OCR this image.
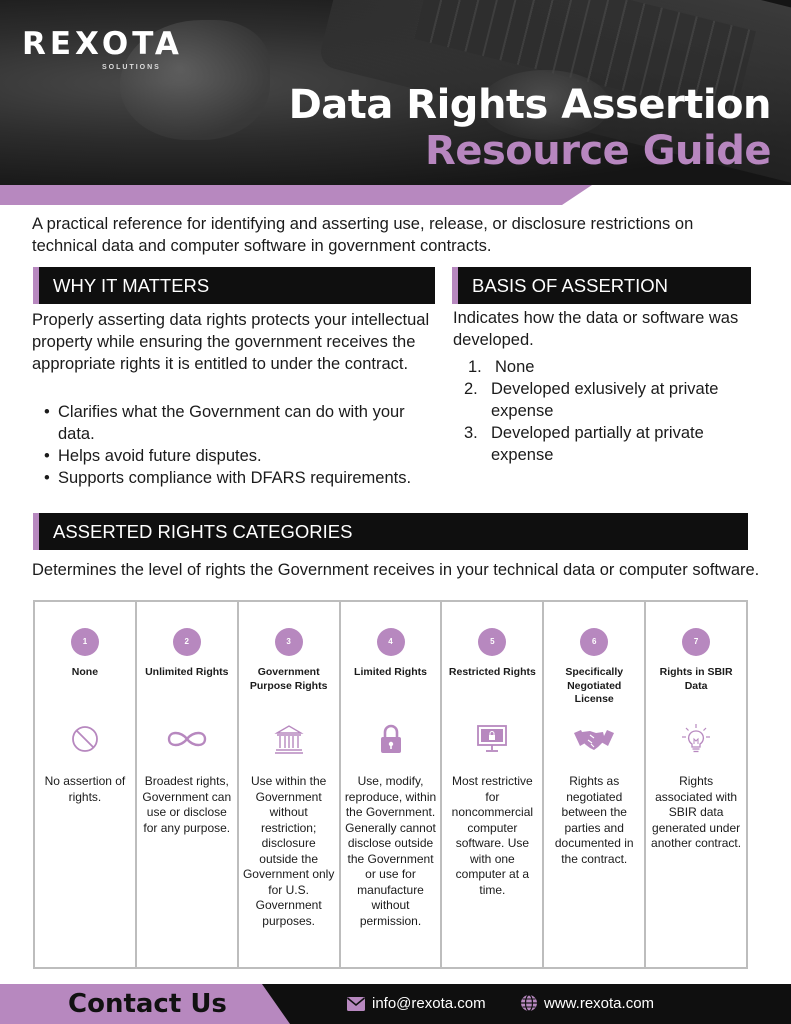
REXOTA
SOLUTIONS
Data Rights Assertion
Resource Guide

A practical reference for identifying and asserting use, release, or disclosure restrictions on technical data and computer software in government contracts.

WHY IT MATTERS

Properly asserting data rights protects your intellectual property while ensuring the government receives the appropriate rights it is entitled to under the contract.

• Clarifies what the Government can do with your data.
• Helps avoid future disputes.
• Supports compliance with DFARS requirements.
BASIS OF ASSERTION

Indicates how the data or software was developed.

1. None
2. Developed exlusively at private expense
3. Developed partially at private expense
ASSERTED RIGHTS CATEGORIES

Determines the level of rights the Government receives in your technical data or computer software.

1
None
No assertion of rights.
2
Unlimited Rights
Broadest rights, Government can use or disclose for any purpose.
3
Government Purpose Rights
Use within the Government without restriction; disclosure outside the Government only for U.S. Government purposes.
4
Limited Rights
Use, modify, reproduce, within the Government. Generally cannot disclose outside the Government or use for manufacture without permission.
5
Restricted Rights
Most restrictive for noncommercial computer software. Use with one computer at a time.
6
Specifically Negotiated License
Rights as negotiated between the parties and documented in the contract.
7
Rights in SBIR Data
Rights associated with SBIR data generated under another contract.
Contact Us	info@rexota.com	www.rexota.com
